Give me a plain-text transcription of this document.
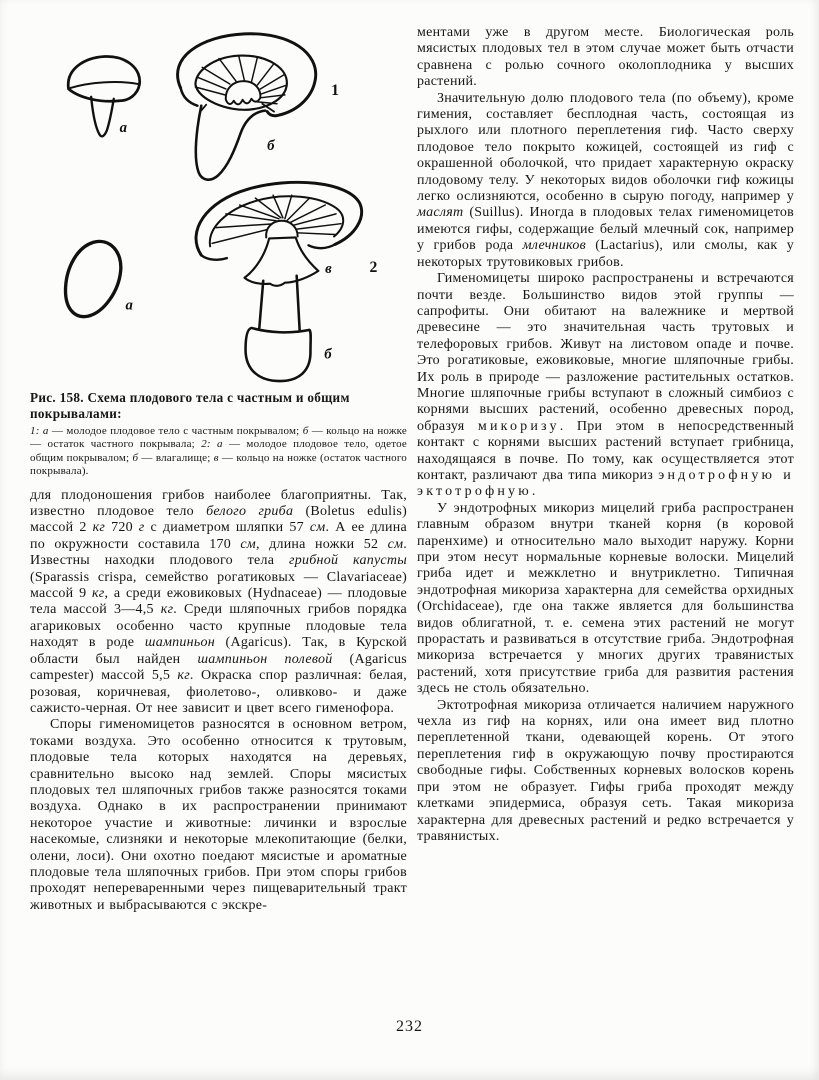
а
б
1
а
в 2
б

Рис. 158. Схема плодового тела с частным и общим покрывалами:

1: а — молодое плодовое тело с частным покрывалом; б — кольцо на ножке — остаток частного покрывала; 2: а — молодое плодовое тело, одетое общим покрывалом; б — влагалище; в — кольцо на ножке (остаток частного покрывала).

для плодоношения грибов наиболее благоприятны. Так, известно плодовое тело белого гриба (Boletus edulis) массой 2 кг 720 г с диаметром шляпки 57 см. А ее длина по окружности составила 170 см, длина ножки 52 см. Известны находки плодового тела грибной капусты (Sparassis crispa, семейство рогатиковых — Clavariaceae) массой 9 кг, а среди ежовиковых (Hydnaceae) — плодовые тела массой 3—4,5 кг. Среди шляпочных грибов порядка агариковых особенно часто крупные плодовые тела находят в роде шампиньон (Agaricus). Так, в Курской области был найден шампиньон полевой (Agaricus campester) массой 5,5 кг. Окраска спор различная: белая, розовая, коричневая, фиолетово-, оливково- и даже сажисто-черная. От нее зависит и цвет всего гименофора.

Споры гименомицетов разносятся в основном ветром, токами воздуха. Это особенно относится к трутовым, плодовые тела которых находятся на деревьях, сравнительно высоко над землей. Споры мясистых плодовых тел шляпочных грибов также разносятся токами воздуха. Однако в их распространении принимают некоторое участие и животные: личинки и взрослые насекомые, слизняки и некоторые млекопитающие (белки, олени, лоси). Они охотно поедают мясистые и ароматные плодовые тела шляпочных грибов. При этом споры грибов проходят непереваренными через пищеварительный тракт животных и выбрасываются с экскре-

ментами уже в другом месте. Биологическая роль мясистых плодовых тел в этом случае может быть отчасти сравнена с ролью сочного околоплодника у высших растений.

Значительную долю плодового тела (по объему), кроме гимения, составляет бесплодная часть, состоящая из рыхлого или плотного переплетения гиф. Часто сверху плодовое тело покрыто кожицей, состоящей из гиф с окрашенной оболочкой, что придает характерную окраску плодовому телу. У некоторых видов оболочки гиф кожицы легко ослизняются, особенно в сырую погоду, например у маслят (Suillus). Иногда в плодовых телах гименомицетов имеются гифы, содержащие белый млечный сок, например у грибов рода млечников (Lactarius), или смолы, как у некоторых трутовиковых грибов.

Гименомицеты широко распространены и встречаются почти везде. Большинство видов этой группы — сапрофиты. Они обитают на валежнике и мертвой древесине — это значительная часть трутовых и телефоровых грибов. Живут на листовом опаде и почве. Это рогатиковые, ежовиковые, многие шляпочные грибы. Их роль в природе — разложение растительных остатков. Многие шляпочные грибы вступают в сложный симбиоз с корнями высших растений, особенно древесных пород, образуя микоризу. При этом в непосредственный контакт с корнями высших растений вступает грибница, находящаяся в почве. По тому, как осуществляется этот контакт, различают два типа микориз эндотрофную и эктотрофную.

У эндотрофных микориз мицелий гриба распространен главным образом внутри тканей корня (в коровой паренхиме) и относительно мало выходит наружу. Корни при этом несут нормальные корневые волоски. Мицелий гриба идет и межклетно и внутриклетно. Типичная эндотрофная микориза характерна для семейства орхидных (Orchidaceae), где она также является для большинства видов облигатной, т. е. семена этих растений не могут прорастать и развиваться в отсутствие гриба. Эндотрофная микориза встречается у многих других травянистых растений, хотя присутствие гриба для развития растения здесь не столь обязательно.

Эктотрофная микориза отличается наличием наружного чехла из гиф на корнях, или она имеет вид плотно переплетенной ткани, одевающей корень. От этого переплетения гиф в окружающую почву простираются свободные гифы. Собственных корневых волосков корень при этом не образует. Гифы гриба проходят между клетками эпидермиса, образуя сеть. Такая микориза характерна для древесных растений и редко встречается у травянистых.

232
